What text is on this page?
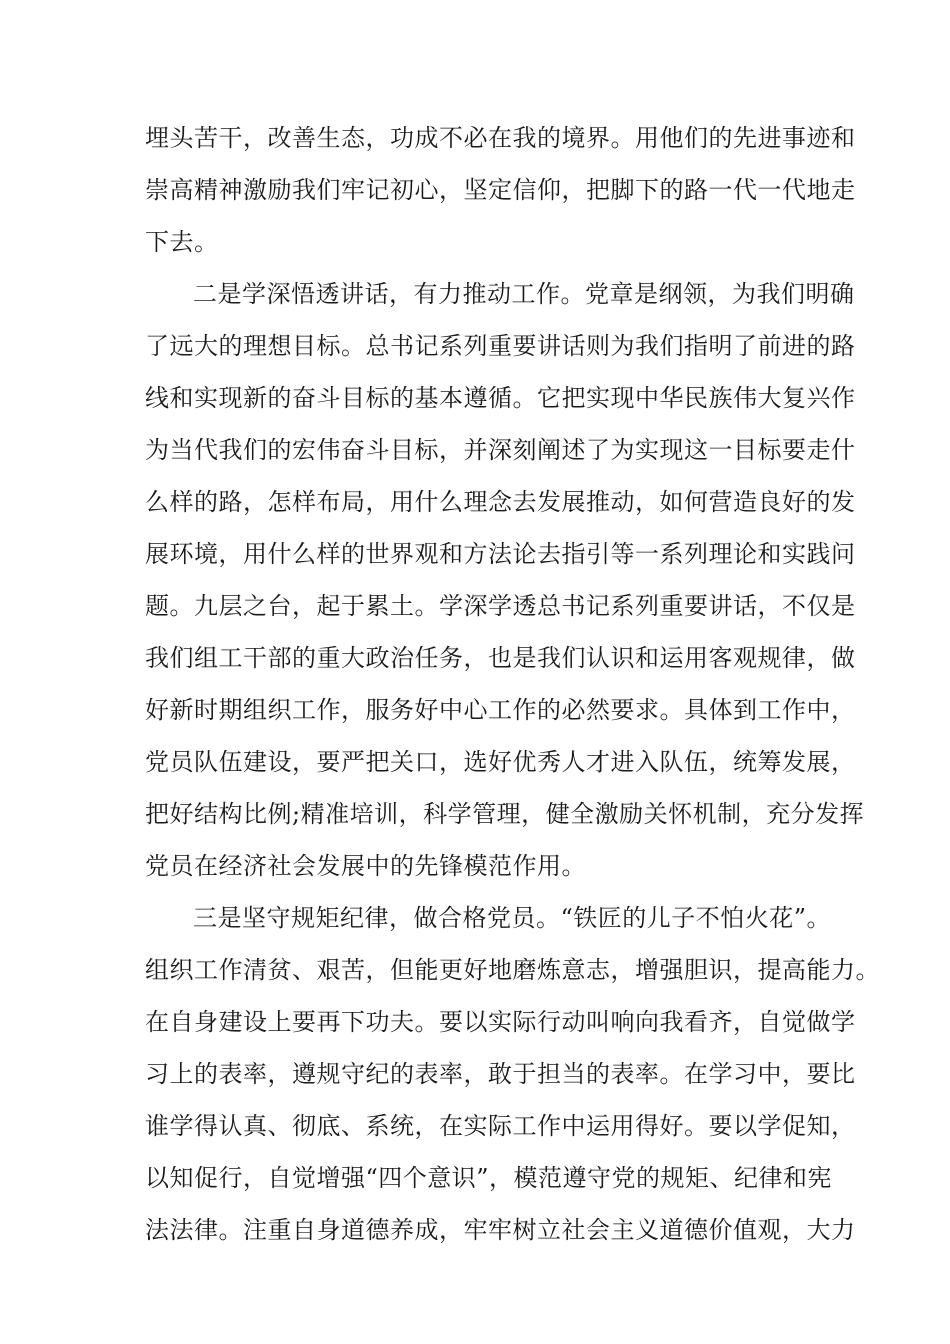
埋头苦干，改善生态，功成不必在我的境界。用他们的先进事迹和
崇高精神激励我们牢记初心，坚定信仰，把脚下的路一代一代地走
下去。
二是学深悟透讲话，有力推动工作。党章是纲领，为我们明确
了远大的理想目标。总书记系列重要讲话则为我们指明了前进的路
线和实现新的奋斗目标的基本遵循。它把实现中华民族伟大复兴作
为当代我们的宏伟奋斗目标，并深刻阐述了为实现这一目标要走什
么样的路，怎样布局，用什么理念去发展推动，如何营造良好的发
展环境，用什么样的世界观和方法论去指引等一系列理论和实践问
题。九层之台，起于累土。学深学透总书记系列重要讲话，不仅是
我们组工干部的重大政治任务，也是我们认识和运用客观规律，做
好新时期组织工作，服务好中心工作的必然要求。具体到工作中，
党员队伍建设，要严把关口，选好优秀人才进入队伍，统筹发展，
把好结构比例;精准培训，科学管理，健全激励关怀机制，充分发挥
党员在经济社会发展中的先锋模范作用。
三是坚守规矩纪律，做合格党员。“铁匠的儿子不怕火花”。
组织工作清贫、艰苦，但能更好地磨炼意志，增强胆识，提高能力。
在自身建设上要再下功夫。要以实际行动叫响向我看齐，自觉做学
习上的表率，遵规守纪的表率，敢于担当的表率。在学习中，要比
谁学得认真、彻底、系统，在实际工作中运用得好。要以学促知，
以知促行，自觉增强“四个意识”，模范遵守党的规矩、纪律和宪
法法律。注重自身道德养成，牢牢树立社会主义道德价值观，大力
